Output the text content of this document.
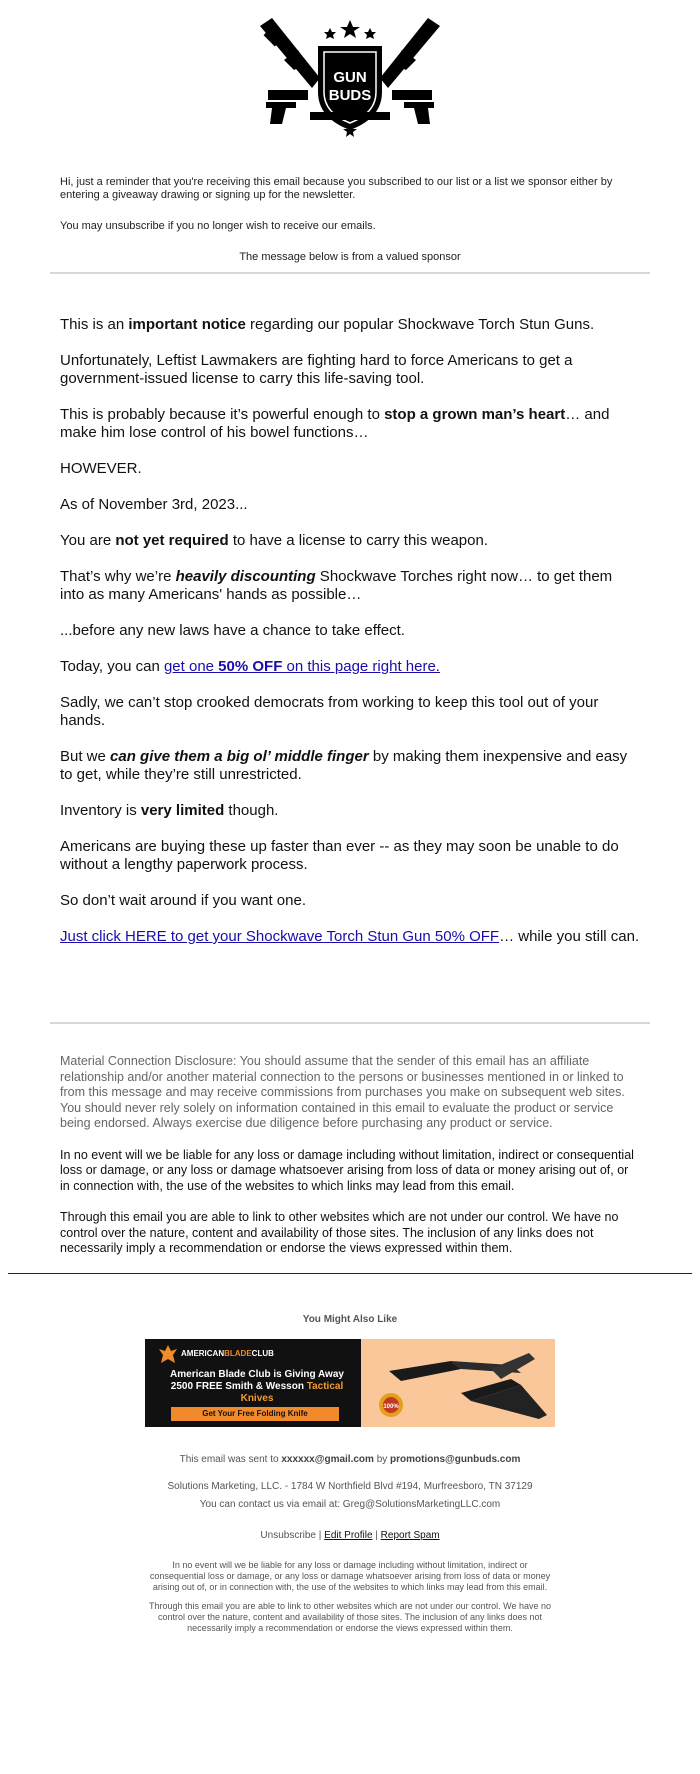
GUN
BUDS

Hi, just a reminder that you're receiving this email because you subscribed to our list or a list we sponsor either by entering a giveaway drawing or signing up for the newsletter.

You may unsubscribe if you no longer wish to receive our emails.

The message below is from a valued sponsor

This is an important notice regarding our popular Shockwave Torch Stun Guns.

Unfortunately, Leftist Lawmakers are fighting hard to force Americans to get a government-issued license to carry this life-saving tool.

This is probably because it’s powerful enough to stop a grown man’s heart… and make him lose control of his bowel functions…

HOWEVER.

As of November 3rd, 2023...

You are not yet required to have a license to carry this weapon.

That’s why we’re heavily discounting Shockwave Torches right now… to get them into as many Americans' hands as possible…

...before any new laws have a chance to take effect.

Today, you can get one 50% OFF on this page right here.

Sadly, we can’t stop crooked democrats from working to keep this tool out of your hands.

But we can give them a big ol’ middle finger by making them inexpensive and easy to get, while they’re still unrestricted.

Inventory is very limited though.

Americans are buying these up faster than ever -- as they may soon be unable to do without a lengthy paperwork process.

So don’t wait around if you want one.

Just click HERE to get your Shockwave Torch Stun Gun 50% OFF… while you still can.

Material Connection Disclosure: You should assume that the sender of this email has an affiliate relationship and/or another material connection to the persons or businesses mentioned in or linked to from this message and may receive commissions from purchases you make on subsequent web sites. You should never rely solely on information contained in this email to evaluate the product or service being endorsed. Always exercise due diligence before purchasing any product or service.

In no event will we be liable for any loss or damage including without limitation, indirect or consequential loss or damage, or any loss or damage whatsoever arising from loss of data or money arising out of, or in connection with, the use of the websites to which links may lead from this email.

Through this email you are able to link to other websites which are not under our control. We have no control over the nature, content and availability of those sites. The inclusion of any links does not necessarily imply a recommendation or endorse the views expressed within them.

You Might Also Like
AMERICANBLADECLUB
American Blade Club is Giving Away 2500 FREE Smith & Wesson Tactical Knives
Get Your Free Folding Knife
100%

This email was sent to xxxxxx@gmail.com by promotions@gunbuds.com

Solutions Marketing, LLC. - 1784 W Northfield Blvd #194, Murfreesboro, TN 37129

You can contact us via email at: Greg@SolutionsMarketingLLC.com

Unsubscribe | Edit Profile | Report Spam

In no event will we be liable for any loss or damage including without limitation, indirect or consequential loss or damage, or any loss or damage whatsoever arising from loss of data or money arising out of, or in connection with, the use of the websites to which links may lead from this email.

Through this email you are able to link to other websites which are not under our control. We have no control over the nature, content and availability of those sites. The inclusion of any links does not necessarily imply a recommendation or endorse the views expressed within them.
